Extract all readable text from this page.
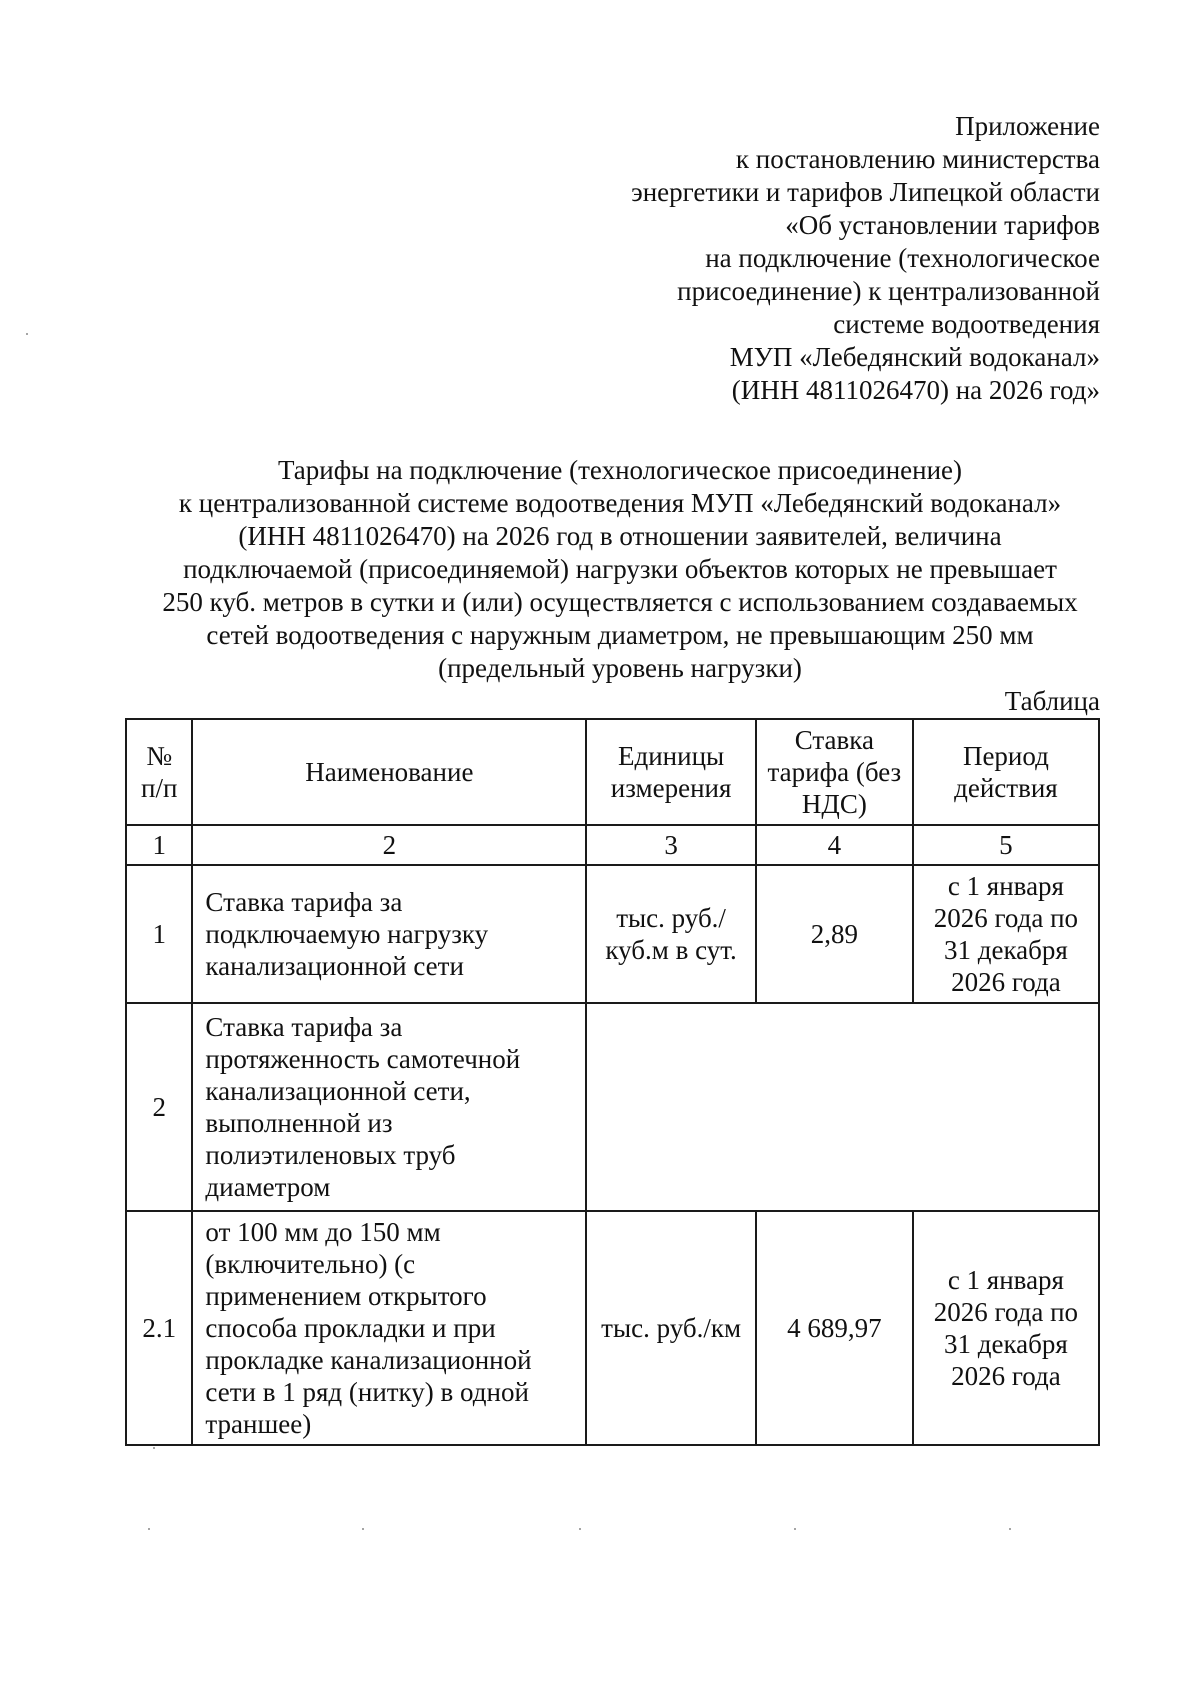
Приложение
к постановлению министерства
энергетики и тарифов Липецкой области
«Об установлении тарифов
на подключение (технологическое
присоединение) к централизованной
системе водоотведения
МУП «Лебедянский водоканал»
(ИНН 4811026470) на 2026 год»
Тарифы на подключение (технологическое присоединение)
к централизованной системе водоотведения МУП «Лебедянский водоканал»
(ИНН 4811026470) на 2026 год в отношении заявителей, величина
подключаемой (присоединяемой) нагрузки объектов которых не превышает
250 куб. метров в сутки и (или) осуществляется с использованием создаваемых
сетей водоотведения с наружным диаметром, не превышающим 250 мм
(предельный уровень нагрузки)
Таблица
№ п/п	Наименование	Единицы измерения	Ставка тарифа (без НДС)	Период действия
1	2	3	4	5
1	Ставка тарифа за подключаемую нагрузку канализационной сети	тыс. руб./ куб.м в сут.	2,89	с 1 января 2026 года по 31 декабря 2026 года
2	Ставка тарифа за протяженность самотечной канализационной сети, выполненной из полиэтиленовых труб диаметром			
2.1	от 100 мм до 150 мм (включительно) (с применением открытого способа прокладки и при прокладке канализационной сети в 1 ряд (нитку) в одной траншее)	тыс. руб./км	4 689,97	с 1 января 2026 года по 31 декабря 2026 года
